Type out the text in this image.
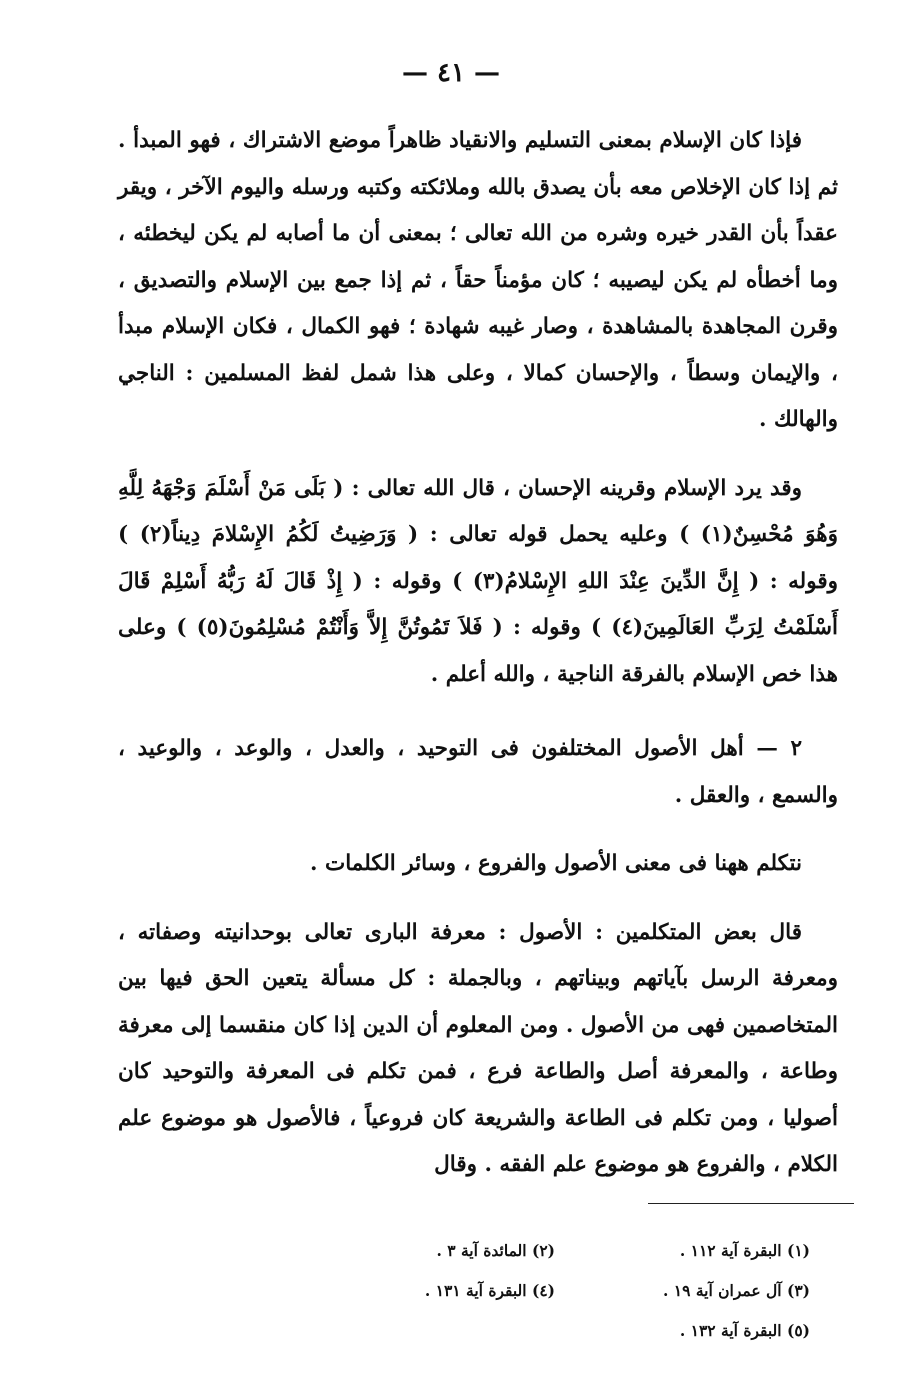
— ٤١ —

فإذا كان الإسلام بمعنى التسليم والانقياد ظاهراً موضع الاشتراك ، فهو المبدأ . ثم إذا كان الإخلاص معه بأن يصدق بالله وملائكته وكتبه ورسله واليوم الآخر ، ويقر عقداً بأن القدر خيره وشره من الله تعالى ؛ بمعنى أن ما أصابه لم يكن ليخطئه ، وما أخطأه لم يكن ليصيبه ؛ كان مؤمناً حقاً ، ثم إذا جمع بين الإسلام والتصديق ، وقرن المجاهدة بالمشاهدة ، وصار غيبه شهادة ؛ فهو الكمال ، فكان الإسلام مبدأ ، والإيمان وسطاً ، والإحسان كمالا ، وعلى هذا شمل لفظ المسلمين : الناجي والهالك .

وقد يرد الإسلام وقرينه الإحسان ، قال الله تعالى : ( بَلَى مَنْ أَسْلَمَ وَجْهَهُ لِلَّهِ وَهُوَ مُحْسِنٌ(١) ) وعليه يحمل قوله تعالى : ( وَرَضِيتُ لَكُمُ الإِسْلامَ دِيناً(٢) ) وقوله : ( إِنَّ الدِّينَ عِنْدَ اللهِ الإِسْلامُ(٣) ) وقوله : ( إِذْ قَالَ لَهُ رَبُّهُ أَسْلِمْ قَالَ أَسْلَمْتُ لِرَبِّ العَالَمِينَ(٤) ) وقوله : ( فَلاَ تَمُوتُنَّ إِلاَّ وَأَنْتُمْ مُسْلِمُونَ(٥) ) وعلى هذا خص الإسلام بالفرقة الناجية ، والله أعلم .

٢ — أهل الأصول المختلفون فى التوحيد ، والعدل ، والوعد ، والوعيد ، والسمع ، والعقل .

نتكلم ههنا فى معنى الأصول والفروع ، وسائر الكلمات .

قال بعض المتكلمين : الأصول : معرفة البارى تعالى بوحدانيته وصفاته ، ومعرفة الرسل بآياتهم وبيناتهم ، وبالجملة : كل مسألة يتعين الحق فيها بين المتخاصمين فهى من الأصول . ومن المعلوم أن الدين إذا كان منقسما إلى معرفة وطاعة ، والمعرفة أصل والطاعة فرع ، فمن تكلم فى المعرفة والتوحيد كان أصوليا ، ومن تكلم فى الطاعة والشريعة كان فروعياً ، فالأصول هو موضوع علم الكلام ، والفروع هو موضوع علم الفقه . وقال

(١) البقرة آية ١١٢ .
(٢) المائدة آية ٣ .
(٣) آل عمران آية ١٩ .
(٤) البقرة آية ١٣١ .
(٥) البقرة آية ١٣٢ .
